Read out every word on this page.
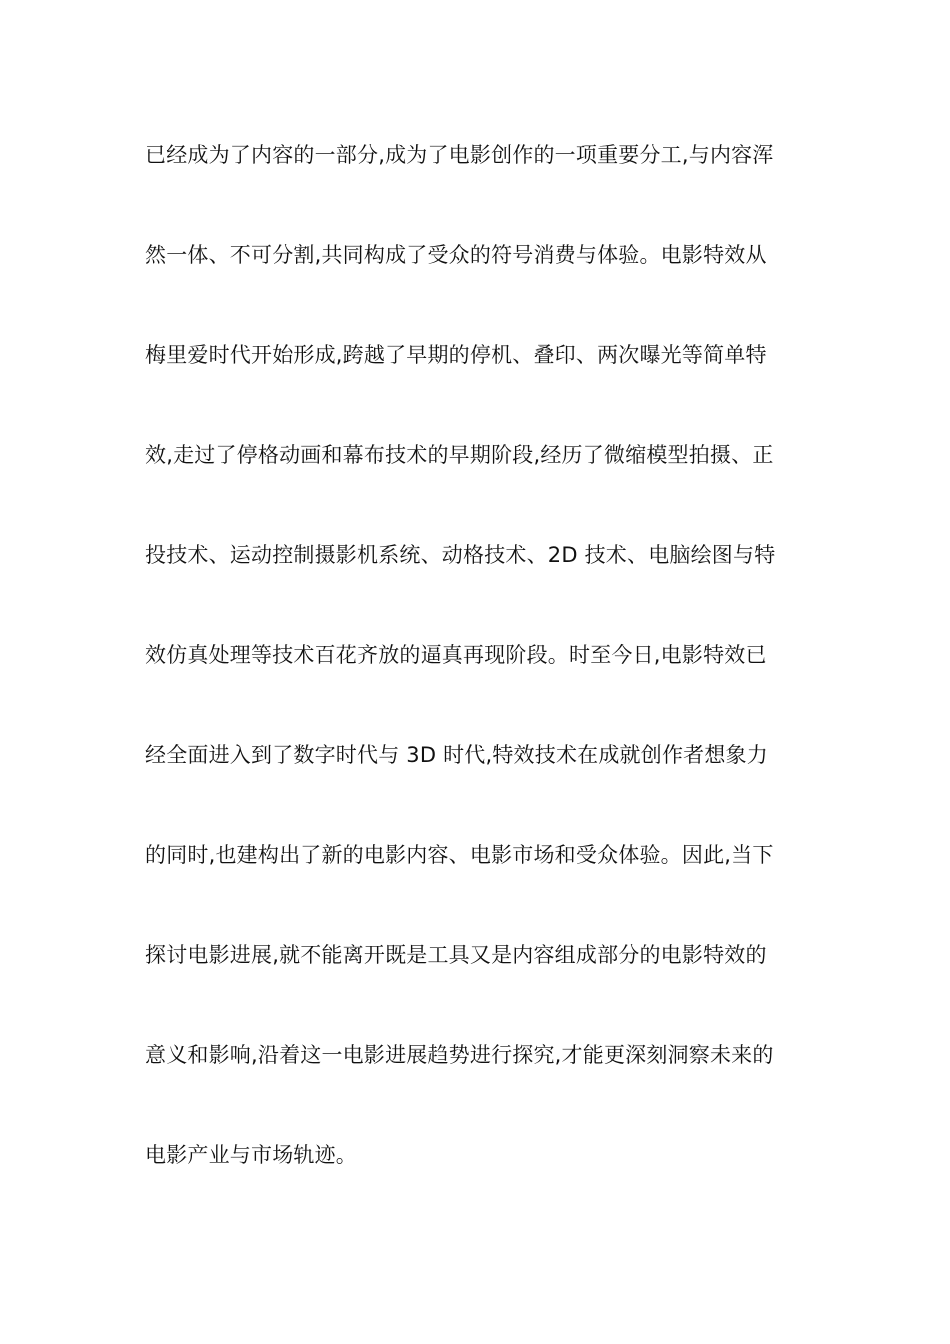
已经成为了内容的一部分,成为了电影创作的一项重要分工,与内容浑
然一体、不可分割,共同构成了受众的符号消费与体验。电影特效从
梅里爱时代开始形成,跨越了早期的停机、叠印、两次曝光等简单特
效,走过了停格动画和幕布技术的早期阶段,经历了微缩模型拍摄、正
投技术、运动控制摄影机系统、动格技术、2D 技术、电脑绘图与特
效仿真处理等技术百花齐放的逼真再现阶段。时至今日,电影特效已
经全面进入到了数字时代与 3D 时代,特效技术在成就创作者想象力
的同时,也建构出了新的电影内容、电影市场和受众体验。因此,当下
探讨电影进展,就不能离开既是工具又是内容组成部分的电影特效的
意义和影响,沿着这一电影进展趋势进行探究,才能更深刻洞察未来的
电影产业与市场轨迹。
